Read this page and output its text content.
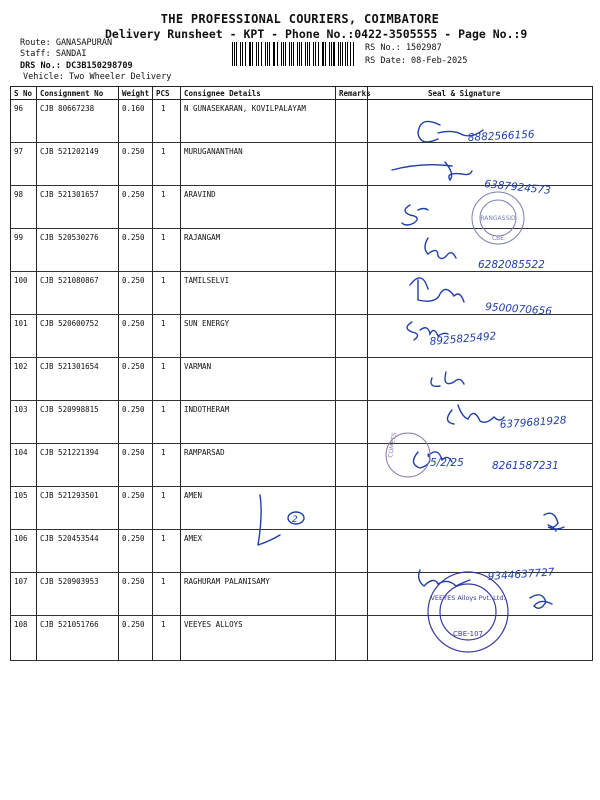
THE PROFESSIONAL COURIERS, COIMBATORE
Delivery Runsheet - KPT - Phone No.:0422-3505555 - Page No.:9
Route: GANASAPURAN
Staff: SANDAI
DRS No.: DC3B150298709
Vehicle: Two Wheeler Delivery
RS No.: 1502987
RS Date: 08-Feb-2025
S No	Consignment No	Weight	PCS	Consignee Details	Remarks	Seal & Signature
96	CJB 80667238	0.160	1	N GUNASEKARAN, KOVILPALAYAM		
97	CJB 521202149	0.250	1	MURUGANANTHAN		
98	CJB 521301657	0.250	1	ARAVIND		
99	CJB 520530276	0.250	1	RAJANGAM		
100	CJB 521080867	0.250	1	TAMILSELVI		
101	CJB 520600752	0.250	1	SUN ENERGY		
102	CJB 521301654	0.250	1	VARMAN		
103	CJB 520998815	0.250	1	INDOTHERAM		
104	CJB 521221394	0.250	1	RAMPARSAD		
105	CJB 521293501	0.250	1	AMEN		
106	CJB 520453544	0.250	1	AMEX		
107	CJB 520903953	0.250	1	RAGHURAM PALANISAMY		
108	CJB 521051766	0.250	1	VEEYES ALLOYS		
8882566156
6387924573
6282085522
9500070656
8925825492
6379681928
8261587231
9344637727
5/2/25
2
RANGASSID
CBE
COMETS
VEEYES Alloys Pvt. Ltd.
CBE-107
